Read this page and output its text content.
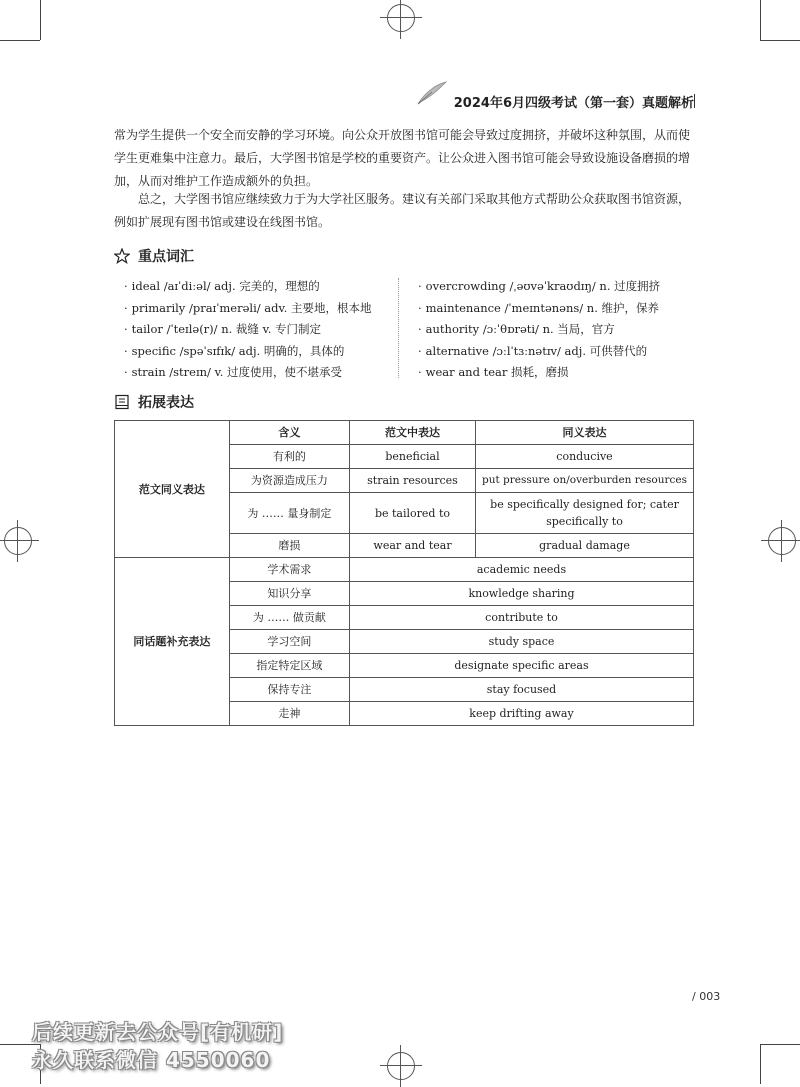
2024年6月四级考试（第一套）真题解析

常为学生提供一个安全而安静的学习环境。向公众开放图书馆可能会导致过度拥挤，并破坏这种氛围，从而使学生更难集中注意力。最后，大学图书馆是学校的重要资产。让公众进入图书馆可能会导致设施设备磨损的增加，从而对维护工作造成额外的负担。

总之，大学图书馆应继续致力于为大学社区服务。建议有关部门采取其他方式帮助公众获取图书馆资源，例如扩展现有图书馆或建设在线图书馆。

重点词汇
· ideal /aɪˈdiːəl/ adj. 完美的，理想的
· primarily /praɪˈmerəli/ adv. 主要地，根本地
· tailor /ˈteɪlə(r)/ n. 裁缝 v. 专门制定
· specific /spəˈsɪfɪk/ adj. 明确的，具体的
· strain /streɪn/ v. 过度使用，使不堪承受
· overcrowding /ˌəʊvəˈkraʊdɪŋ/ n. 过度拥挤
· maintenance /ˈmeɪntənəns/ n. 维护，保养
· authority /ɔːˈθɒrəti/ n. 当局，官方
· alternative /ɔːlˈtɜːnətɪv/ adj. 可供替代的
· wear and tear 损耗，磨损
拓展表达
范文同义表达	含义	范文中表达	同义表达
	有利的	beneficial	conducive
	为资源造成压力	strain resources	put pressure on/overburden resources
	为 …… 量身制定	be tailored to	be specifically designed for; cater specifically to
	磨损	wear and tear	gradual damage
同话题补充表达	学术需求	academic needs	
	知识分享	knowledge sharing	
	为 …… 做贡献	contribute to	
	学习空间	study space	
	指定特定区域	designate specific areas	
	保持专注	stay focused	
	走神	keep drifting away	
/ 003
后续更新去公众号[有机研]
永久联系微信 4550060
